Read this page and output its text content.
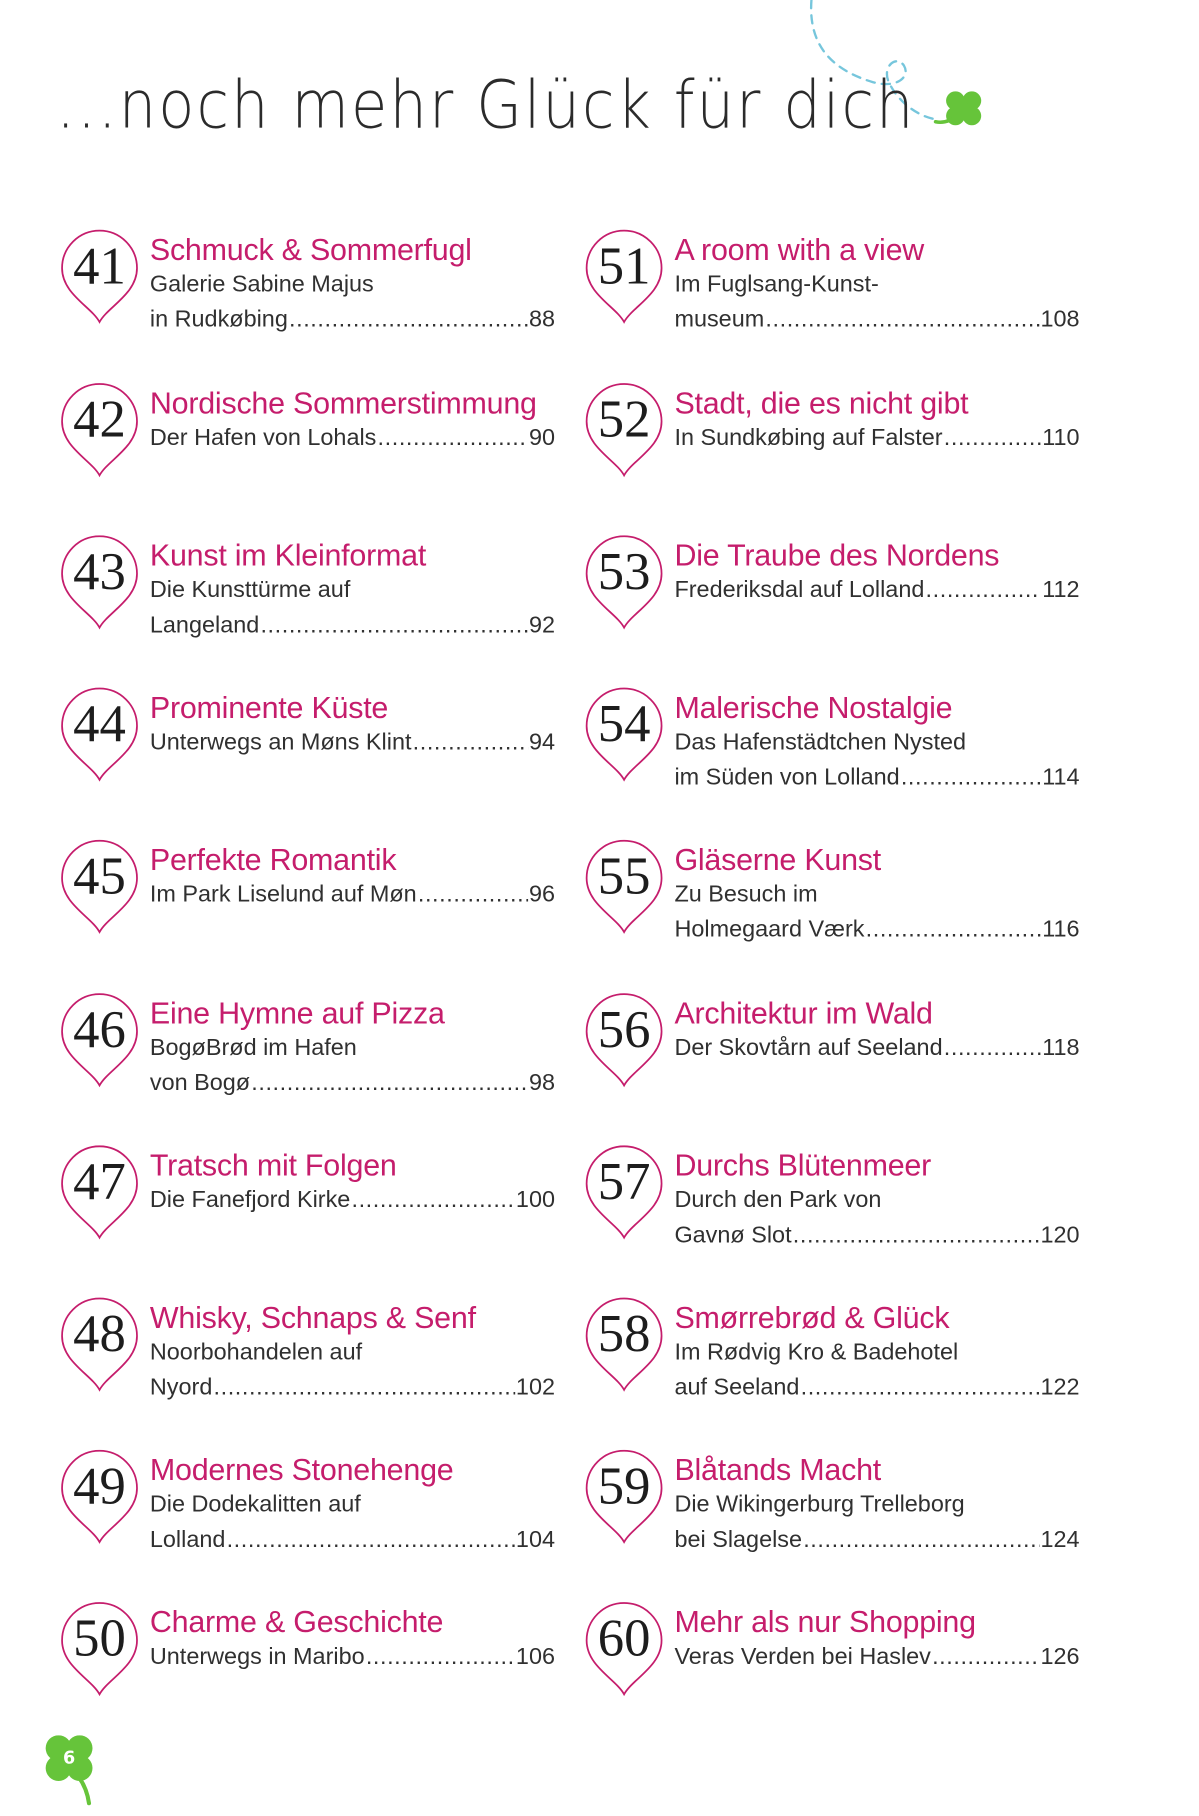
...noch mehr Glück für dich
41 Schmuck & Sommerfugl
Galerie Sabine Majus
in Rudkøbing .....	88
42 Nordische Sommerstimmung
Der Hafen von Lohals .....	90
43 Kunst im Kleinformat
Die Kunsttürme auf
Langeland .....	92
44 Prominente Küste
Unterwegs an Møns Klint .....	94
45 Perfekte Romantik
Im Park Liselund auf Møn .....	96
46 Eine Hymne auf Pizza
BogøBrød im Hafen
von Bogø .....	98
47 Tratsch mit Folgen
Die Fanefjord Kirke .....	100
48 Whisky, Schnaps & Senf
Noorbohandelen auf
Nyord .....	102
49 Modernes Stonehenge
Die Dodekalitten auf
Lolland .....	104
50 Charme & Geschichte
Unterwegs in Maribo .....	106
51 A room with a view
Im Fuglsang-Kunst-
museum .....	108
52 Stadt, die es nicht gibt
In Sundkøbing auf Falster .....	110
53 Die Traube des Nordens
Frederiksdal auf Lolland .....	112
54 Malerische Nostalgie
Das Hafenstädtchen Nysted
im Süden von Lolland .....	114
55 Gläserne Kunst
Zu Besuch im
Holmegaard Værk .....	116
56 Architektur im Wald
Der Skovtårn auf Seeland .....	118
57 Durchs Blütenmeer
Durch den Park von
Gavnø Slot .....	120
58 Smørrebrød & Glück
Im Rødvig Kro & Badehotel
auf Seeland .....	122
59 Blåtands Macht
Die Wikingerburg Trelleborg
bei Slagelse .....	124
60 Mehr als nur Shopping
Veras Verden bei Haslev .....	126
6
